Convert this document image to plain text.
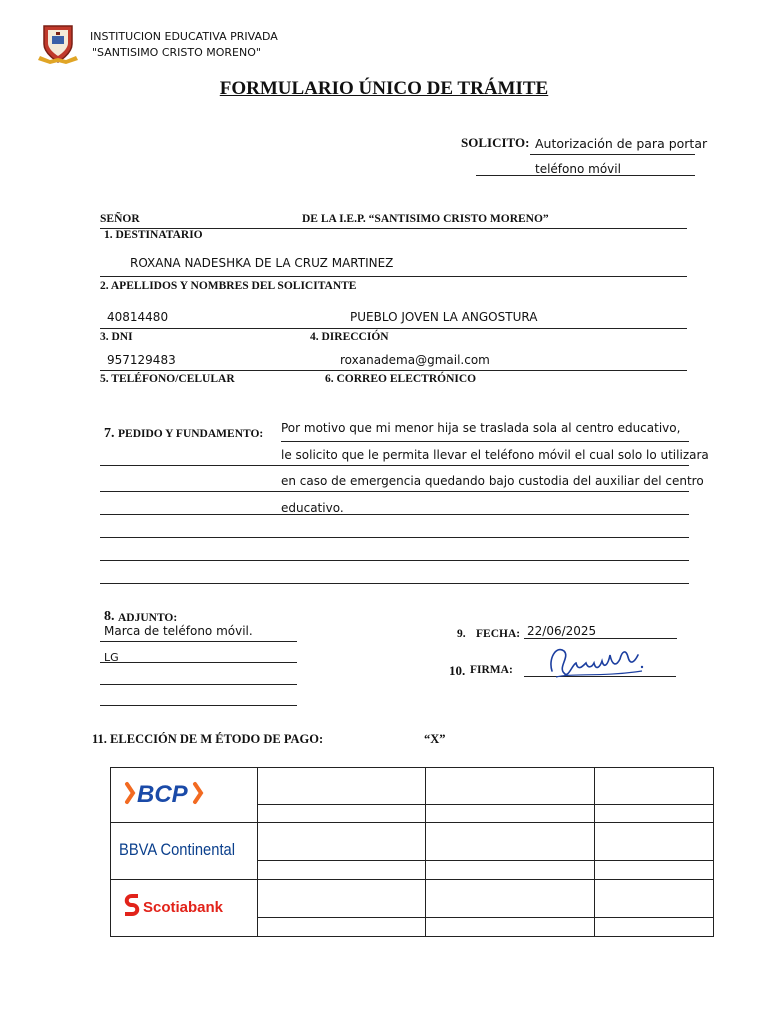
INSTITUCION EDUCATIVA PRIVADA
"SANTISIMO CRISTO MORENO"
FORMULARIO ÚNICO DE TRÁMITE
SOLICITO: Autorización de para portar
teléfono móvil
SEÑOR	DE LA I.E.P. “SANTISIMO CRISTO MORENO”
1. DESTINATARIO
ROXANA NADESHKA DE LA CRUZ MARTINEZ
2. APELLIDOS Y NOMBRES DEL SOLICITANTE
40814480	PUEBLO JOVEN LA ANGOSTURA
3. DNI	4. DIRECCIÓN
957129483	roxanadema@gmail.com
5. TELÉFONO/CELULAR	6. CORREO ELECTRÓNICO
7. PEDIDO Y FUNDAMENTO: Por motivo que mi menor hija se traslada sola al centro educativo,
le solicito que le permita llevar el teléfono móvil el cual solo lo utilizara
en caso de emergencia quedando bajo custodia del auxiliar del centro
educativo.
8. ADJUNTO:
Marca de teléfono móvil.
LG
9. FECHA: 22/06/2025
10. FIRMA:
11. ELECCIÓN DE M ÉTODO DE PAGO:	“X”
BCP			

BBVA Continental			

Scotiabank			
